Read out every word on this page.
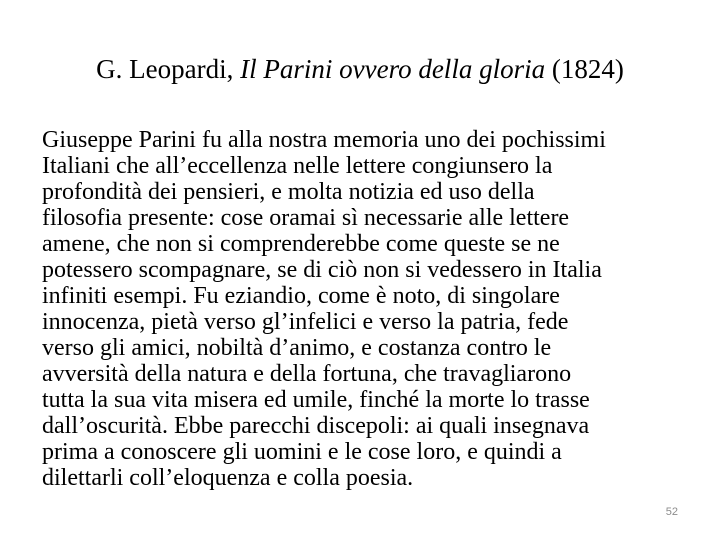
G. Leopardi, Il Parini ovvero della gloria (1824)

Giuseppe Parini fu alla nostra memoria uno dei pochissimi
Italiani che all’eccellenza nelle lettere congiunsero la
profondità dei pensieri, e molta notizia ed uso della
filosofia presente: cose oramai sì necessarie alle lettere
amene, che non si comprenderebbe come queste se ne
potessero scompagnare, se di ciò non si vedessero in Italia
infiniti esempi. Fu eziandio, come è noto, di singolare
innocenza, pietà verso gl’infelici e verso la patria, fede
verso gli amici, nobiltà d’animo, e costanza contro le
avversità della natura e della fortuna, che travagliarono
tutta la sua vita misera ed umile, finché la morte lo trasse
dall’oscurità. Ebbe parecchi discepoli: ai quali insegnava
prima a conoscere gli uomini e le cose loro, e quindi a
dilettarli coll’eloquenza e colla poesia.

52
